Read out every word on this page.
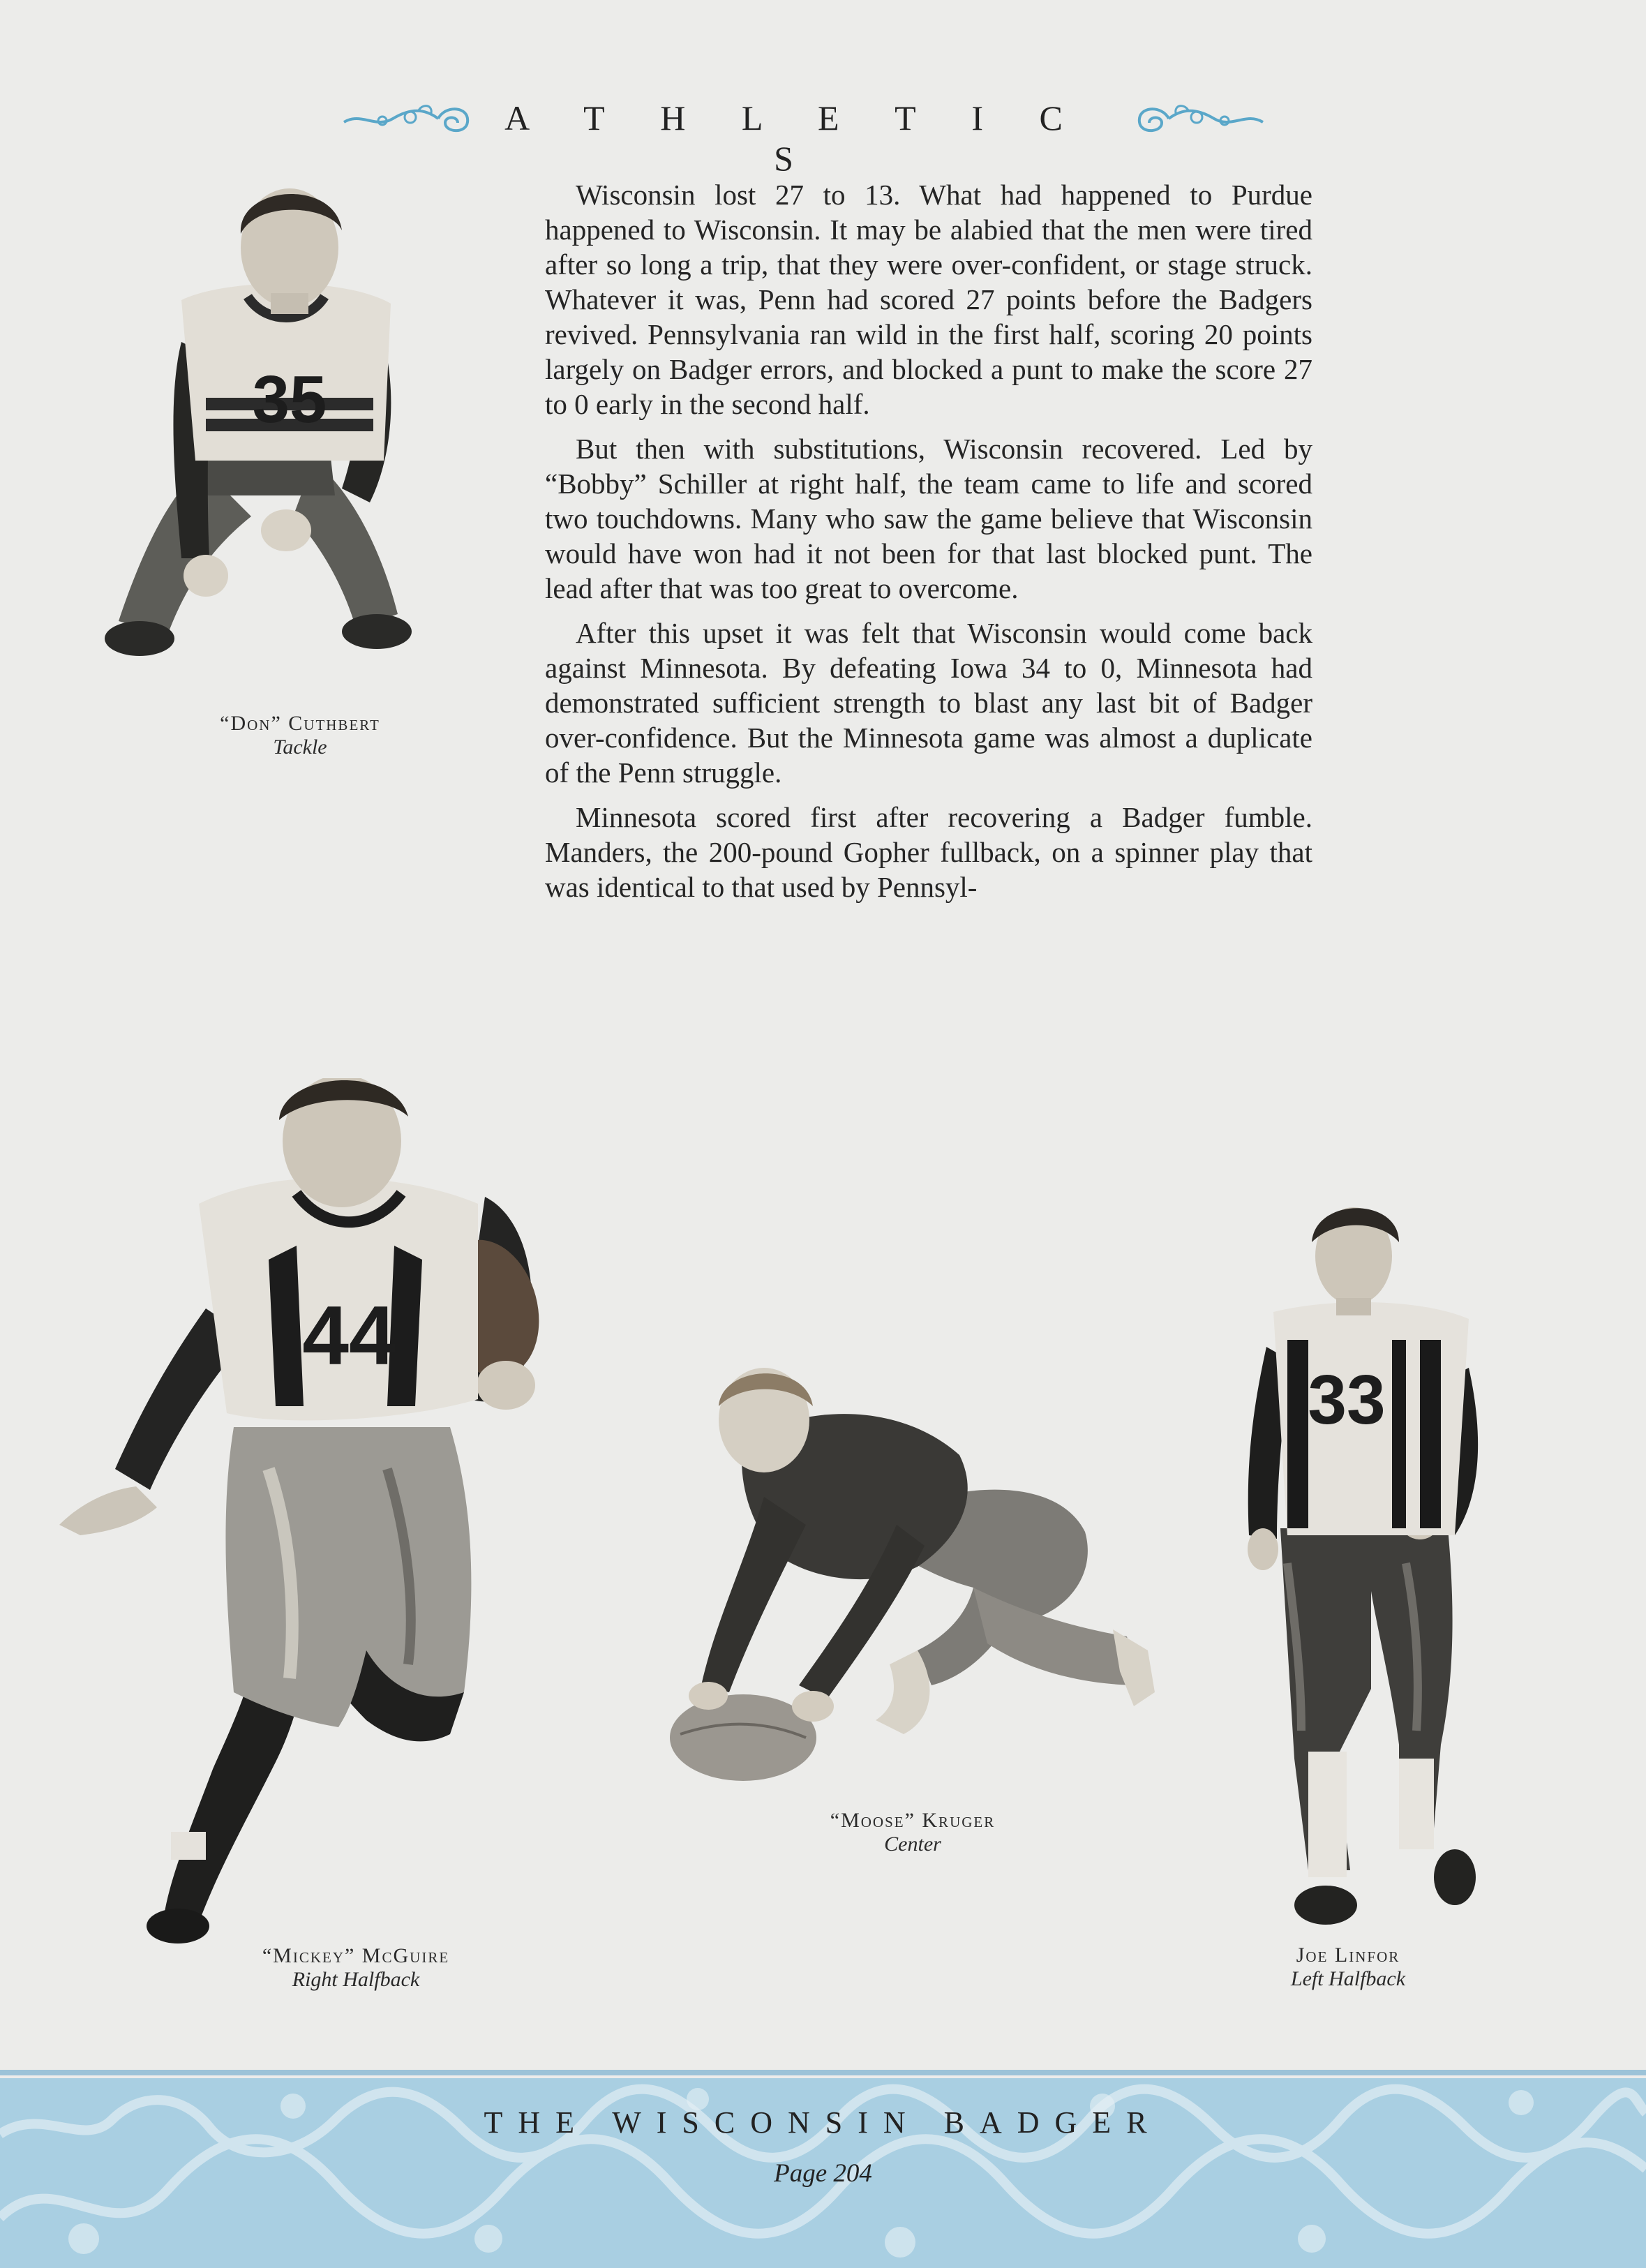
A T H L E T I C S

Wisconsin lost 27 to 13. What had happened to Purdue happened to Wisconsin. It may be alabied that the men were tired after so long a trip, that they were over-confident, or stage struck. Whatever it was, Penn had scored 27 points before the Badgers revived. Pennsylvania ran wild in the first half, scoring 20 points largely on Badger errors, and blocked a punt to make the score 27 to 0 early in the second half.

But then with substitutions, Wisconsin recovered. Led by “Bobby” Schiller at right half, the team came to life and scored two touchdowns. Many who saw the game believe that Wisconsin would have won had it not been for that last blocked punt. The lead after that was too great to overcome.

After this upset it was felt that Wisconsin would come back against Minnesota. By defeating Iowa 34 to 0, Minnesota had demonstrated sufficient strength to blast any last bit of Badger over-confidence. But the Minnesota game was almost a duplicate of the Penn struggle.

Minnesota scored first after recovering a Badger fumble. Manders, the 200-pound Gopher fullback, on a spinner play that was identical to that used by Pennsyl-

35
“Don” Cuthbert
Tackle
44
“Mickey” McGuire
Right Halfback
“Moose” Kruger
Center
33
Joe Linfor
Left Halfback
THE WISCONSIN BADGER
Page 204
